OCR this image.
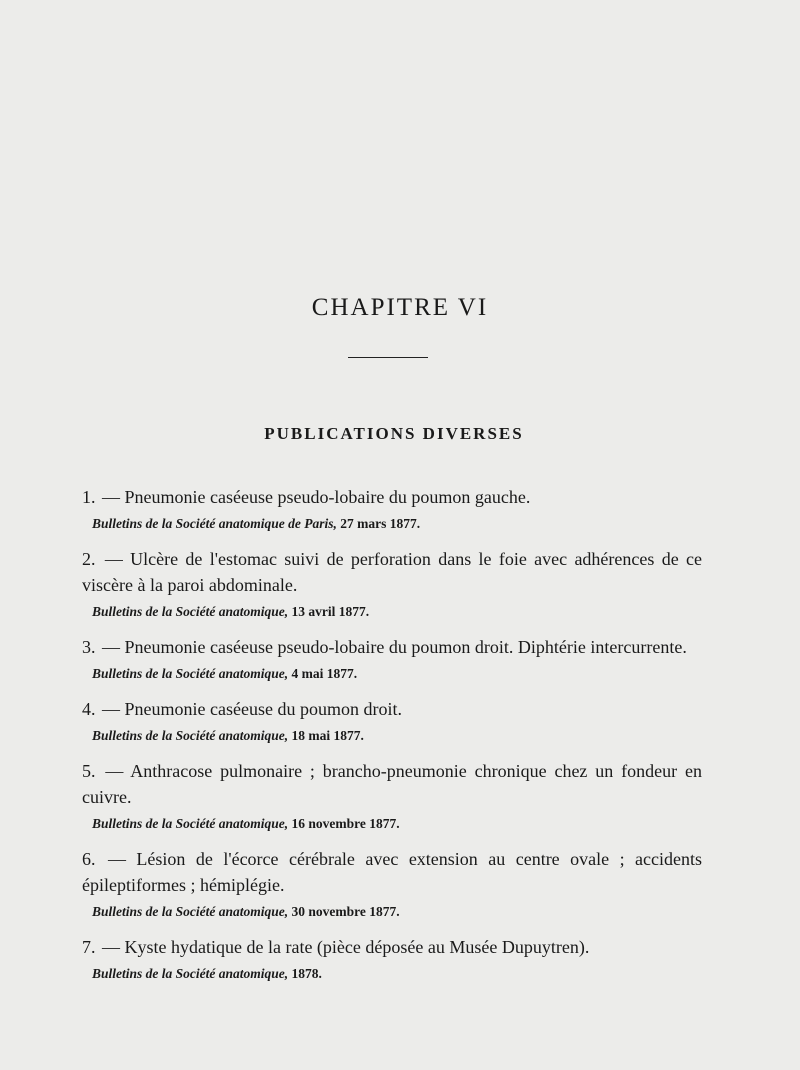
CHAPITRE VI
PUBLICATIONS DIVERSES
1. — Pneumonie caséeuse pseudo-lobaire du poumon gauche.
Bulletins de la Société anatomique de Paris, 27 mars 1877.
2. — Ulcère de l'estomac suivi de perforation dans le foie avec adhérences de ce viscère à la paroi abdominale.
Bulletins de la Société anatomique, 13 avril 1877.
3. — Pneumonie caséeuse pseudo-lobaire du poumon droit. Diphtérie intercurrente.
Bulletins de la Société anatomique, 4 mai 1877.
4. — Pneumonie caséeuse du poumon droit.
Bulletins de la Société anatomique, 18 mai 1877.
5. — Anthracose pulmonaire ; brancho-pneumonie chronique chez un fondeur en cuivre.
Bulletins de la Société anatomique, 16 novembre 1877.
6. — Lésion de l'écorce cérébrale avec extension au centre ovale ; accidents épileptiformes ; hémiplégie.
Bulletins de la Société anatomique, 30 novembre 1877.
7. — Kyste hydatique de la rate (pièce déposée au Musée Dupuytren).
Bulletins de la Société anatomique, 1878.
